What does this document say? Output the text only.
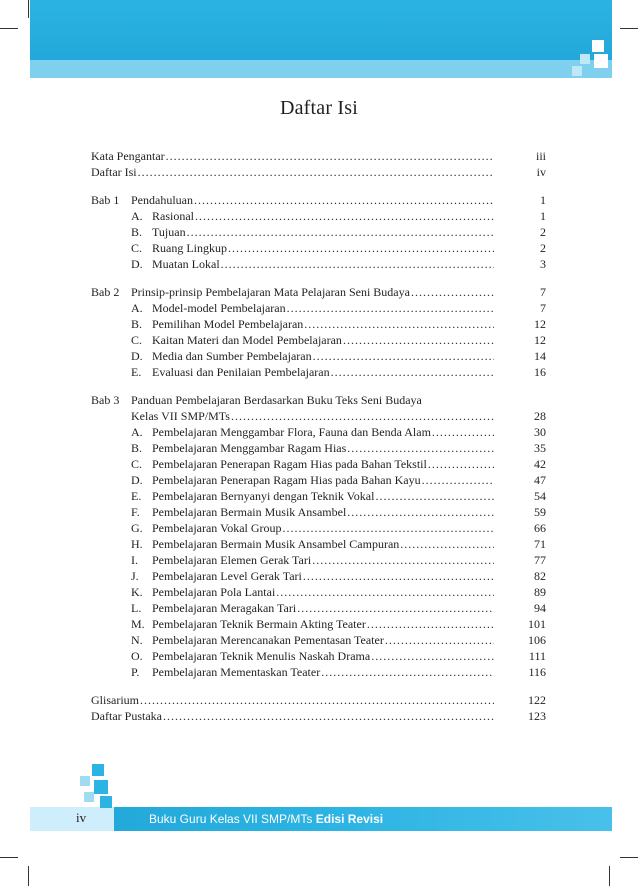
Daftar Isi
Kata Pengantar .....	iii
Daftar Isi .....	iv
Bab 1 Pendahuluan .....	1
A. Rasional .....	1
B. Tujuan .....	2
C. Ruang Lingkup .....	2
D. Muatan Lokal .....	3
Bab 2 Prinsip-prinsip Pembelajaran Mata Pelajaran Seni Budaya .....	7
A. Model-model Pembelajaran .....	7
B. Pemilihan Model Pembelajaran .....	12
C. Kaitan Materi dan Model Pembelajaran .....	12
D. Media dan Sumber Pembelajaran .....	14
E. Evaluasi dan Penilaian Pembelajaran .....	16
Bab 3 Panduan Pembelajaran Berdasarkan Buku Teks Seni Budaya
Kelas VII SMP/MTs .....	28
A. Pembelajaran Menggambar Flora, Fauna dan Benda Alam .....	30
B. Pembelajaran Menggambar Ragam Hias .....	35
C. Pembelajaran Penerapan Ragam Hias pada Bahan Tekstil .....	42
D. Pembelajaran Penerapan Ragam Hias pada Bahan Kayu .....	47
E. Pembelajaran Bernyanyi dengan Teknik Vokal .....	54
F.	Pembelajaran Bermain Musik Ansambel .....	59
G. Pembelajaran Vokal Group .....	66
H. Pembelajaran Bermain Musik Ansambel Campuran .....	71
I.	Pembelajaran Elemen Gerak Tari .....	77
J.	Pembelajaran Level Gerak Tari .....	82
K. Pembelajaran Pola Lantai .....	89
L. Pembelajaran Meragakan Tari .....	94
M. Pembelajaran Teknik Bermain Akting Teater .....	101
N. Pembelajaran Merencanakan Pementasan Teater .....	106
O. Pembelajaran Teknik Menulis Naskah Drama .....	111
P.	Pembelajaran Mementaskan Teater .....	116
Glisarium .....	122
Daftar Pustaka .....	123
iv	Buku Guru Kelas VII SMP/MTs Edisi Revisi
